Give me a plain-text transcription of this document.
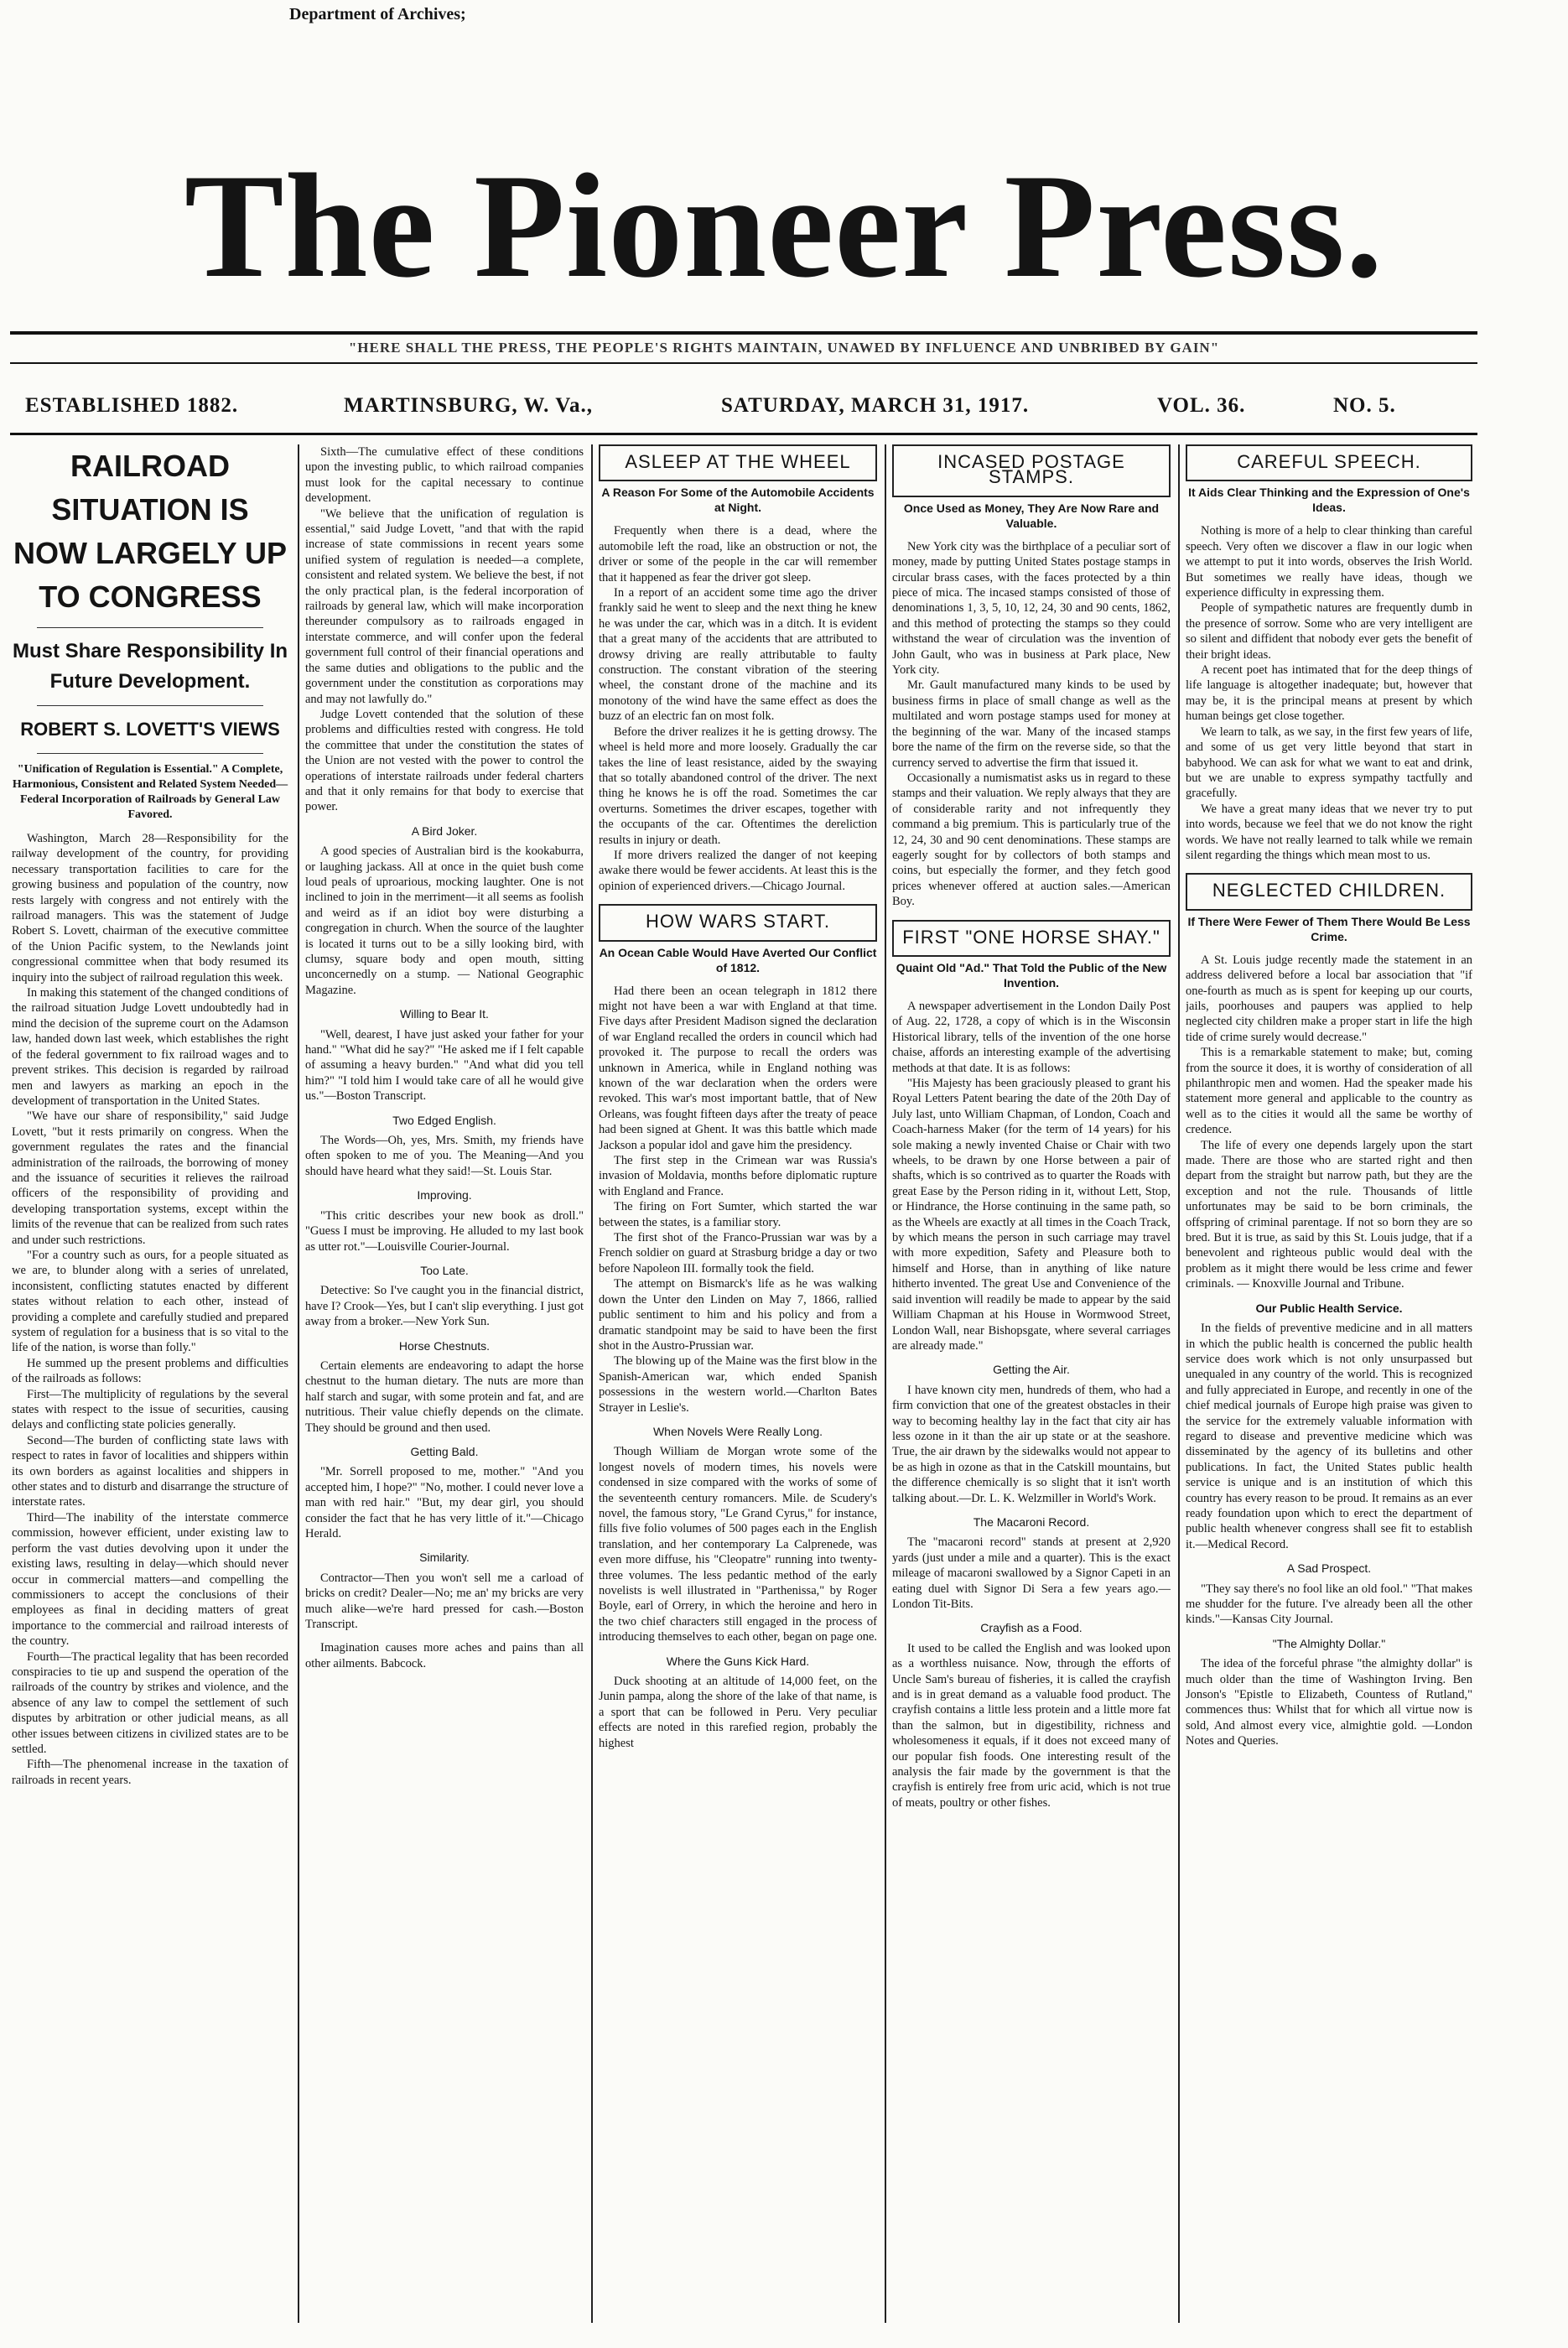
Department of Archives;
The Pioneer Press.
"HERE SHALL THE PRESS, THE PEOPLE'S RIGHTS MAINTAIN, UNAWED BY INFLUENCE AND UNBRIBED BY GAIN"
ESTABLISHED 1882.	MARTINSBURG, W. Va.,	SATURDAY, MARCH 31, 1917.	VOL. 36.	NO. 5.
RAILROAD SITUATION IS NOW LARGELY UP TO CONGRESS
Must Share Responsibility In Future Development.
ROBERT S. LOVETT'S VIEWS
"Unification of Regulation is Essential." A Complete, Harmonious, Consistent and Related System Needed—Federal Incorporation of Railroads by General Law Favored.

Washington, March 28—Responsibility for the railway development of the country, for providing necessary transportation facilities to care for the growing business and population of the country, now rests largely with congress and not entirely with the railroad managers. This was the statement of Judge Robert S. Lovett, chairman of the executive committee of the Union Pacific system, to the Newlands joint congressional committee when that body resumed its inquiry into the subject of railroad regulation this week.

In making this statement of the changed conditions of the railroad situation Judge Lovett undoubtedly had in mind the decision of the supreme court on the Adamson law, handed down last week, which establishes the right of the federal government to fix railroad wages and to prevent strikes. This decision is regarded by railroad men and lawyers as marking an epoch in the development of transportation in the United States.

"We have our share of responsibility," said Judge Lovett, "but it rests primarily on congress. When the government regulates the rates and the financial administration of the railroads, the borrowing of money and the issuance of securities it relieves the railroad officers of the responsibility of providing and developing transportation systems, except within the limits of the revenue that can be realized from such rates and under such restrictions.

"For a country such as ours, for a people situated as we are, to blunder along with a series of unrelated, inconsistent, conflicting statutes enacted by different states without relation to each other, instead of providing a complete and carefully studied and prepared system of regulation for a business that is so vital to the life of the nation, is worse than folly."

He summed up the present problems and difficulties of the railroads as follows:

First—The multiplicity of regulations by the several states with respect to the issue of securities, causing delays and conflicting state policies generally.

Second—The burden of conflicting state laws with respect to rates in favor of localities and shippers within its own borders as against localities and shippers in other states and to disturb and disarrange the structure of interstate rates.

Third—The inability of the interstate commerce commission, however efficient, under existing law to perform the vast duties devolving upon it under the existing laws, resulting in delay—which should never occur in commercial matters—and compelling the commissioners to accept the conclusions of their employees as final in deciding matters of great importance to the commercial and railroad interests of the country.

Fourth—The practical legality that has been recorded conspiracies to tie up and suspend the operation of the railroads of the country by strikes and violence, and the absence of any law to compel the settlement of such disputes by arbitration or other judicial means, as all other issues between citizens in civilized states are to be settled.

Fifth—The phenomenal increase in the taxation of railroads in recent years.

Sixth—The cumulative effect of these conditions upon the investing public, to which railroad companies must look for the capital necessary to continue development.

"We believe that the unification of regulation is essential," said Judge Lovett, "and that with the rapid increase of state commissions in recent years some unified system of regulation is needed—a complete, consistent and related system. We believe the best, if not the only practical plan, is the federal incorporation of railroads by general law, which will make incorporation thereunder compulsory as to railroads engaged in interstate commerce, and will confer upon the federal government full control of their financial operations and the same duties and obligations to the public and the government under the constitution as corporations may and may not lawfully do."

Judge Lovett contended that the solution of these problems and difficulties rested with congress. He told the committee that under the constitution the states of the Union are not vested with the power to control the operations of interstate railroads under federal charters and that it only remains for that body to exercise that power.

A Bird Joker.

A good species of Australian bird is the kookaburra, or laughing jackass. All at once in the quiet bush come loud peals of uproarious, mocking laughter. One is not inclined to join in the merriment—it all seems as foolish and weird as if an idiot boy were disturbing a congregation in church. When the source of the laughter is located it turns out to be a silly looking bird, with clumsy, square body and open mouth, sitting unconcernedly on a stump. — National Geographic Magazine.

Willing to Bear It.

"Well, dearest, I have just asked your father for your hand." "What did he say?" "He asked me if I felt capable of assuming a heavy burden." "And what did you tell him?" "I told him I would take care of all he would give us."—Boston Transcript.

Two Edged English.

The Words—Oh, yes, Mrs. Smith, my friends have often spoken to me of you. The Meaning—And you should have heard what they said!—St. Louis Star.

Improving.

"This critic describes your new book as droll." "Guess I must be improving. He alluded to my last book as utter rot."—Louisville Courier-Journal.

Too Late.

Detective: So I've caught you in the financial district, have I? Crook—Yes, but I can't slip everything. I just got away from a broker.—New York Sun.

Horse Chestnuts.

Certain elements are endeavoring to adapt the horse chestnut to the human dietary. The nuts are more than half starch and sugar, with some protein and fat, and are nutritious. Their value chiefly depends on the climate. They should be ground and then used.

Getting Bald.

"Mr. Sorrell proposed to me, mother." "And you accepted him, I hope?" "No, mother. I could never love a man with red hair." "But, my dear girl, you should consider the fact that he has very little of it."—Chicago Herald.

Similarity.

Contractor—Then you won't sell me a carload of bricks on credit? Dealer—No; me an' my bricks are very much alike—we're hard pressed for cash.—Boston Transcript.

Imagination causes more aches and pains than all other ailments. Babcock.

ASLEEP AT THE WHEEL
A Reason For Some of the Automobile Accidents at Night.

Frequently when there is a dead, where the automobile left the road, like an obstruction or not, the driver or some of the people in the car will remember that it happened as fear the driver got sleep.

In a report of an accident some time ago the driver frankly said he went to sleep and the next thing he knew he was under the car, which was in a ditch. It is evident that a great many of the accidents that are attributed to drowsy driving are really attributable to faulty construction. The constant vibration of the steering wheel, the constant drone of the machine and its monotony of the wind have the same effect as does the buzz of an electric fan on most folk.

Before the driver realizes it he is getting drowsy. The wheel is held more and more loosely. Gradually the car takes the line of least resistance, aided by the swaying that so totally abandoned control of the driver. The next thing he knows he is off the road. Sometimes the car overturns. Sometimes the driver escapes, together with the occupants of the car. Oftentimes the dereliction results in injury or death.

If more drivers realized the danger of not keeping awake there would be fewer accidents. At least this is the opinion of experienced drivers.—Chicago Journal.

HOW WARS START.
An Ocean Cable Would Have Averted Our Conflict of 1812.

Had there been an ocean telegraph in 1812 there might not have been a war with England at that time. Five days after President Madison signed the declaration of war England recalled the orders in council which had provoked it. The purpose to recall the orders was unknown in America, while in England nothing was known of the war declaration when the orders were revoked. This war's most important battle, that of New Orleans, was fought fifteen days after the treaty of peace had been signed at Ghent. It was this battle which made Jackson a popular idol and gave him the presidency.

The first step in the Crimean war was Russia's invasion of Moldavia, months before diplomatic rupture with England and France.

The firing on Fort Sumter, which started the war between the states, is a familiar story.

The first shot of the Franco-Prussian war was by a French soldier on guard at Strasburg bridge a day or two before Napoleon III. formally took the field.

The attempt on Bismarck's life as he was walking down the Unter den Linden on May 7, 1866, rallied public sentiment to him and his policy and from a dramatic standpoint may be said to have been the first shot in the Austro-Prussian war.

The blowing up of the Maine was the first blow in the Spanish-American war, which ended Spanish possessions in the western world.—Charlton Bates Strayer in Leslie's.

When Novels Were Really Long.

Though William de Morgan wrote some of the longest novels of modern times, his novels were condensed in size compared with the works of some of the seventeenth century romancers. Mile. de Scudery's novel, the famous story, "Le Grand Cyrus," for instance, fills five folio volumes of 500 pages each in the English translation, and her contemporary La Calprenede, was even more diffuse, his "Cleopatre" running into twenty-three volumes. The less pedantic method of the early novelists is well illustrated in "Parthenissa," by Roger Boyle, earl of Orrery, in which the heroine and hero in the two chief characters still engaged in the process of introducing themselves to each other, began on page one.

Where the Guns Kick Hard.

Duck shooting at an altitude of 14,000 feet, on the Junin pampa, along the shore of the lake of that name, is a sport that can be followed in Peru. Very peculiar effects are noted in this rarefied region, probably the highest

INCASED POSTAGE STAMPS.
Once Used as Money, They Are Now Rare and Valuable.

New York city was the birthplace of a peculiar sort of money, made by putting United States postage stamps in circular brass cases, with the faces protected by a thin piece of mica. The incased stamps consisted of those of denominations 1, 3, 5, 10, 12, 24, 30 and 90 cents, 1862, and this method of protecting the stamps so they could withstand the wear of circulation was the invention of John Gault, who was in business at Park place, New York city.

Mr. Gault manufactured many kinds to be used by business firms in place of small change as well as the multilated and worn postage stamps used for money at the beginning of the war. Many of the incased stamps bore the name of the firm on the reverse side, so that the currency served to advertise the firm that issued it.

Occasionally a numismatist asks us in regard to these stamps and their valuation. We reply always that they are of considerable rarity and not infrequently they command a big premium. This is particularly true of the 12, 24, 30 and 90 cent denominations. These stamps are eagerly sought for by collectors of both stamps and coins, but especially the former, and they fetch good prices whenever offered at auction sales.—American Boy.

FIRST "ONE HORSE SHAY."
Quaint Old "Ad." That Told the Public of the New Invention.

A newspaper advertisement in the London Daily Post of Aug. 22, 1728, a copy of which is in the Wisconsin Historical library, tells of the invention of the one horse chaise, affords an interesting example of the advertising methods at that date. It is as follows:

"His Majesty has been graciously pleased to grant his Royal Letters Patent bearing the date of the 20th Day of July last, unto William Chapman, of London, Coach and Coach-harness Maker (for the term of 14 years) for his sole making a newly invented Chaise or Chair with two wheels, to be drawn by one Horse between a pair of shafts, which is so contrived as to quarter the Roads with great Ease by the Person riding in it, without Lett, Stop, or Hindrance, the Horse continuing in the same path, so as the Wheels are exactly at all times in the Coach Track, by which means the person in such carriage may travel with more expedition, Safety and Pleasure both to himself and Horse, than in anything of like nature hitherto invented. The great Use and Convenience of the said invention will readily be made to appear by the said William Chapman at his House in Wormwood Street, London Wall, near Bishopsgate, where several carriages are already made."

Getting the Air.

I have known city men, hundreds of them, who had a firm conviction that one of the greatest obstacles in their way to becoming healthy lay in the fact that city air has less ozone in it than the air up state or at the seashore. True, the air drawn by the sidewalks would not appear to be as high in ozone as that in the Catskill mountains, but the difference chemically is so slight that it isn't worth talking about.—Dr. L. K. Welzmiller in World's Work.

The Macaroni Record.

The "macaroni record" stands at present at 2,920 yards (just under a mile and a quarter). This is the exact mileage of macaroni swallowed by a Signor Capeti in an eating duel with Signor Di Sera a few years ago.—London Tit-Bits.

Crayfish as a Food.

It used to be called the English and was looked upon as a worthless nuisance. Now, through the efforts of Uncle Sam's bureau of fisheries, it is called the crayfish and is in great demand as a valuable food product. The crayfish contains a little less protein and a little more fat than the salmon, but in digestibility, richness and wholesomeness it equals, if it does not exceed many of our popular fish foods. One interesting result of the analysis the fair made by the government is that the crayfish is entirely free from uric acid, which is not true of meats, poultry or other fishes.

CAREFUL SPEECH.
It Aids Clear Thinking and the Expression of One's Ideas.

Nothing is more of a help to clear thinking than careful speech. Very often we discover a flaw in our logic when we attempt to put it into words, observes the Irish World. But sometimes we really have ideas, though we experience difficulty in expressing them.

People of sympathetic natures are frequently dumb in the presence of sorrow. Some who are very intelligent are so silent and diffident that nobody ever gets the benefit of their bright ideas.

A recent poet has intimated that for the deep things of life language is altogether inadequate; but, however that may be, it is the principal means at present by which human beings get close together.

We learn to talk, as we say, in the first few years of life, and some of us get very little beyond that start in babyhood. We can ask for what we want to eat and drink, but we are unable to express sympathy tactfully and gracefully.

We have a great many ideas that we never try to put into words, because we feel that we do not know the right words. We have not really learned to talk while we remain silent regarding the things which mean most to us.

NEGLECTED CHILDREN.
If There Were Fewer of Them There Would Be Less Crime.

A St. Louis judge recently made the statement in an address delivered before a local bar association that "if one-fourth as much as is spent for keeping up our courts, jails, poorhouses and paupers was applied to help neglected city children make a proper start in life the high tide of crime surely would decrease."

This is a remarkable statement to make; but, coming from the source it does, it is worthy of consideration of all philanthropic men and women. Had the speaker made his statement more general and applicable to the country as well as to the cities it would all the same be worthy of credence.

The life of every one depends largely upon the start made. There are those who are started right and then depart from the straight but narrow path, but they are the exception and not the rule. Thousands of little unfortunates may be said to be born criminals, the offspring of criminal parentage. If not so born they are so bred. But it is true, as said by this St. Louis judge, that if a benevolent and righteous public would deal with the problem as it might there would be less crime and fewer criminals. — Knoxville Journal and Tribune.

Our Public Health Service.

In the fields of preventive medicine and in all matters in which the public health is concerned the public health service does work which is not only unsurpassed but unequaled in any country of the world. This is recognized and fully appreciated in Europe, and recently in one of the chief medical journals of Europe high praise was given to the service for the extremely valuable information with regard to disease and preventive medicine which was disseminated by the agency of its bulletins and other publications. In fact, the United States public health service is unique and is an institution of which this country has every reason to be proud. It remains as an ever ready foundation upon which to erect the department of public health whenever congress shall see fit to establish it.—Medical Record.

A Sad Prospect.

"They say there's no fool like an old fool." "That makes me shudder for the future. I've already been all the other kinds."—Kansas City Journal.

"The Almighty Dollar."

The idea of the forceful phrase "the almighty dollar" is much older than the time of Washington Irving. Ben Jonson's "Epistle to Elizabeth, Countess of Rutland," commences thus: Whilst that for which all virtue now is sold, And almost every vice, almightie gold. —London Notes and Queries.
